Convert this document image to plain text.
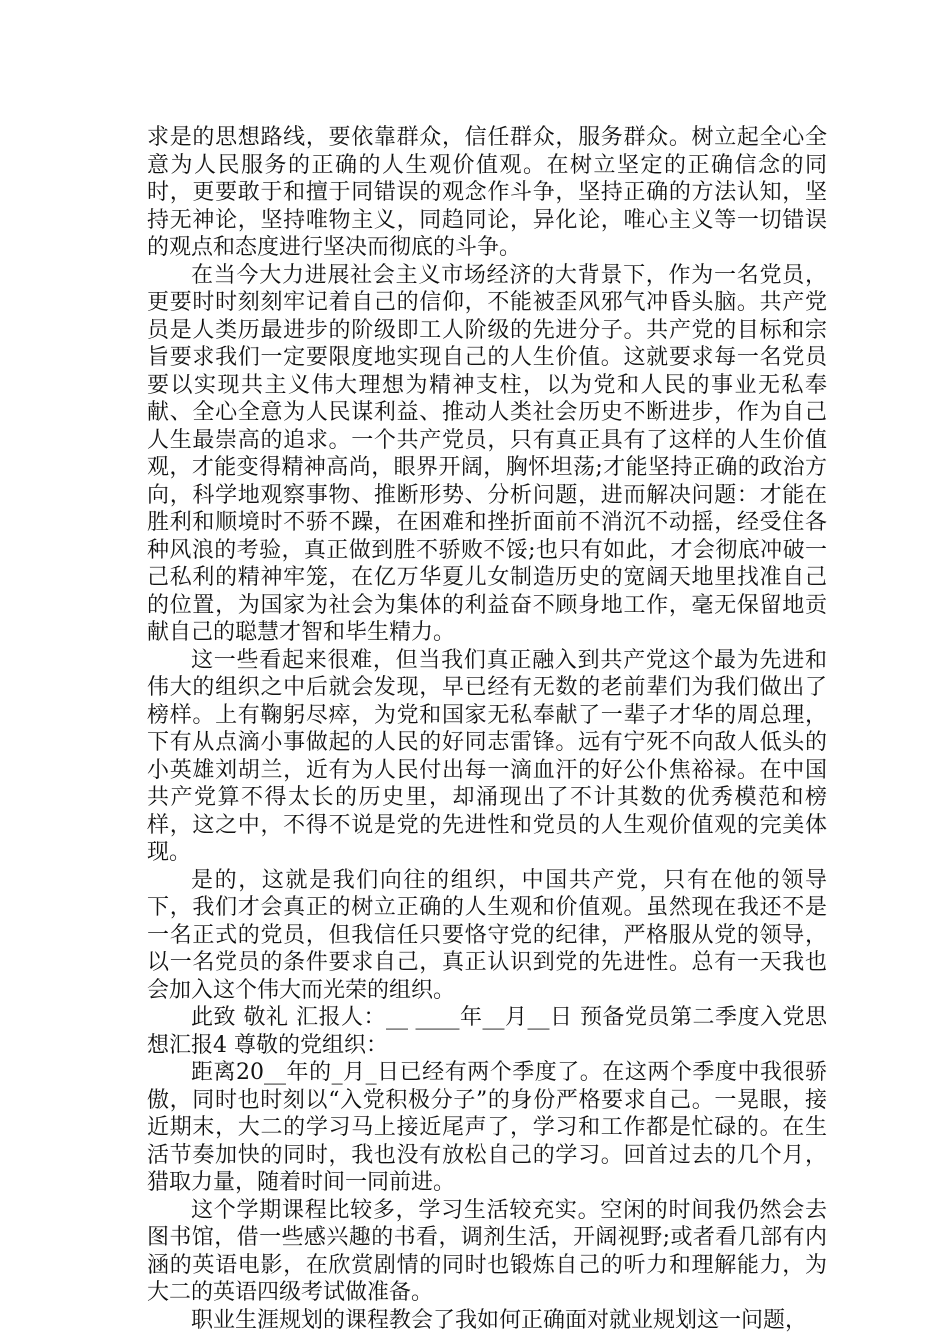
求是的思想路线，要依靠群众，信任群众，服务群众。树立起全心全意为人民服务的正确的人生观价值观。在树立坚定的正确信念的同时，更要敢于和擅于同错误的观念作斗争，坚持正确的方法认知，坚持无神论，坚持唯物主义，同趋同论，异化论，唯心主义等一切错误的观点和态度进行坚决而彻底的斗争。

在当今大力进展社会主义市场经济的大背景下，作为一名党员，更要时时刻刻牢记着自己的信仰，不能被歪风邪气冲昏头脑。共产党员是人类历最进步的阶级即工人阶级的先进分子。共产党的目标和宗旨要求我们一定要限度地实现自己的人生价值。这就要求每一名党员要以实现共主义伟大理想为精神支柱，以为党和人民的事业无私奉献、全心全意为人民谋利益、推动人类社会历史不断进步，作为自己人生最崇高的追求。一个共产党员，只有真正具有了这样的人生价值观，才能变得精神高尚，眼界开阔，胸怀坦荡;才能坚持正确的政治方向，科学地观察事物、推断形势、分析问题，进而解决问题：才能在胜利和顺境时不骄不躁，在困难和挫折面前不消沉不动摇，经受住各种风浪的考验，真正做到胜不骄败不馁;也只有如此，才会彻底冲破一己私利的精神牢笼，在亿万华夏儿女制造历史的宽阔天地里找准自己的位置，为国家为社会为集体的利益奋不顾身地工作，毫无保留地贡献自己的聪慧才智和毕生精力。

这一些看起来很难，但当我们真正融入到共产党这个最为先进和伟大的组织之中后就会发现，早已经有无数的老前辈们为我们做出了榜样。上有鞠躬尽瘁，为党和国家无私奉献了一辈子才华的周总理，下有从点滴小事做起的人民的好同志雷锋。远有宁死不向敌人低头的小英雄刘胡兰，近有为人民付出每一滴血汗的好公仆焦裕禄。在中国共产党算不得太长的历史里，却涌现出了不计其数的优秀模范和榜样，这之中，不得不说是党的先进性和党员的人生观价值观的完美体现。

是的，这就是我们向往的组织，中国共产党，只有在他的领导下，我们才会真正的树立正确的人生观和价值观。虽然现在我还不是一名正式的党员，但我信任只要恪守党的纪律，严格服从党的领导，以一名党员的条件要求自己，真正认识到党的先进性。总有一天我也会加入这个伟大而光荣的组织。

此致 敬礼 汇报人：__ ____年__月__日 预备党员第二季度入党思想汇报4 尊敬的党组织：

距离20__年的_月_日已经有两个季度了。在这两个季度中我很骄傲，同时也时刻以“入党积极分子”的身份严格要求自己。一晃眼，接近期末，大二的学习马上接近尾声了，学习和工作都是忙碌的。在生活节奏加快的同时，我也没有放松自己的学习。回首过去的几个月，猎取力量，随着时间一同前进。

这个学期课程比较多，学习生活较充实。空闲的时间我仍然会去图书馆，借一些感兴趣的书看，调剂生活，开阔视野;或者看几部有内涵的英语电影，在欣赏剧情的同时也锻炼自己的听力和理解能力，为大二的英语四级考试做准备。

职业生涯规划的课程教会了我如何正确面对就业规划这一问题，
